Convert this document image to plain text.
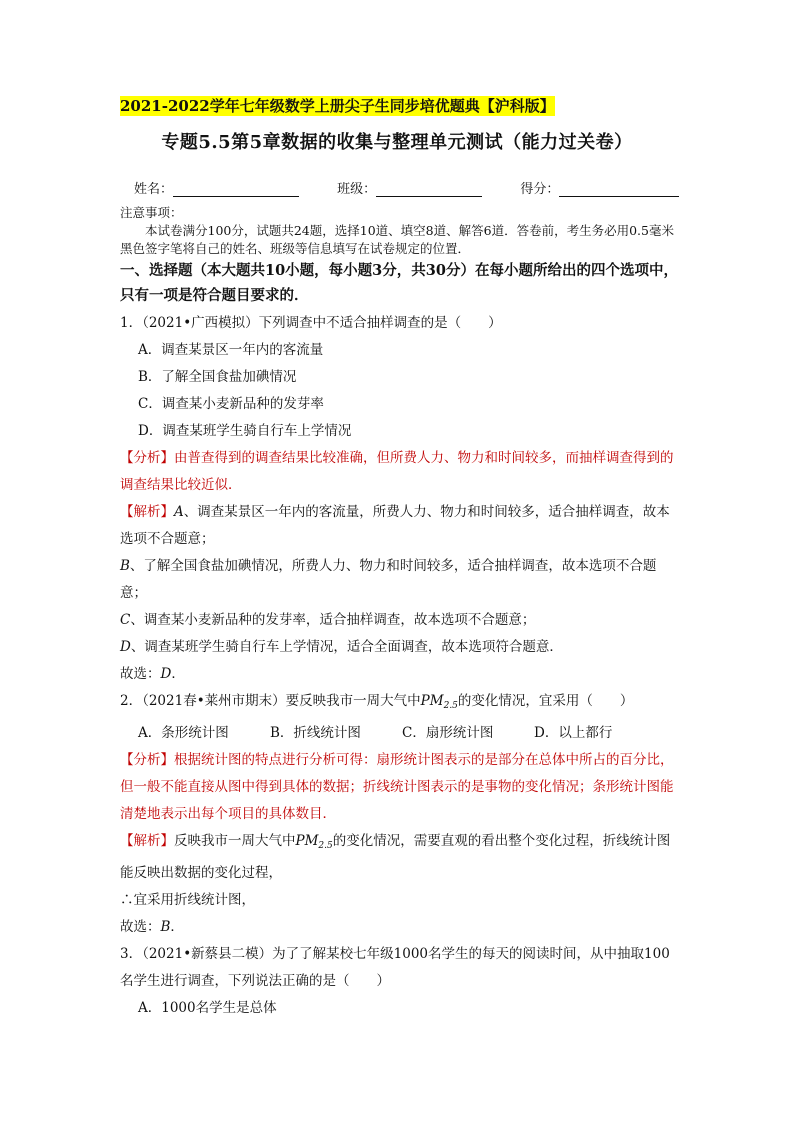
2021-2022学年七年级数学上册尖子生同步培优题典【沪科版】
专题5.5第5章数据的收集与整理单元测试（能力过关卷）
姓名：	班级：	得分：
注意事项：
本试卷满分100分，试题共24题，选择10道、填空8道、解答6道．答卷前，考生务必用0.5毫米黑色签字笔将自己的姓名、班级等信息填写在试卷规定的位置．
一、选择题（本大题共10小题，每小题3分，共30分）在每小题所给出的四个选项中，
只有一项是符合题目要求的．
1．（2021•广西模拟）下列调查中不适合抽样调查的是（　　）
A．调查某景区一年内的客流量
B．了解全国食盐加碘情况
C．调查某小麦新品种的发芽率
D．调查某班学生骑自行车上学情况
【分析】由普查得到的调查结果比较准确，但所费人力、物力和时间较多，而抽样调查得到的调查结果比较近似．
【解析】A、调查某景区一年内的客流量，所费人力、物力和时间较多，适合抽样调查，故本选项不合题意；
B、了解全国食盐加碘情况，所费人力、物力和时间较多，适合抽样调查，故本选项不合题意；
C、调查某小麦新品种的发芽率，适合抽样调查，故本选项不合题意；
D、调查某班学生骑自行车上学情况，适合全面调查，故本选项符合题意．
故选：D．
2．（2021春•莱州市期末）要反映我市一周大气中$PM_{2.5}$的变化情况，宜采用（　　）
A．条形统计图	B．折线统计图	C．扇形统计图	D．以上都行
【分析】根据统计图的特点进行分析可得：扇形统计图表示的是部分在总体中所占的百分比，但一般不能直接从图中得到具体的数据；折线统计图表示的是事物的变化情况；条形统计图能清楚地表示出每个项目的具体数目．
【解析】反映我市一周大气中$PM_{2.5}$的变化情况，需要直观的看出整个变化过程，折线统计图能反映出数据的变化过程，
∴宜采用折线统计图，
故选：B．
3．（2021•新蔡县二模）为了了解某校七年级1000名学生的每天的阅读时间，从中抽取100名学生进行调查，下列说法正确的是（　　）
A．1000名学生是总体
